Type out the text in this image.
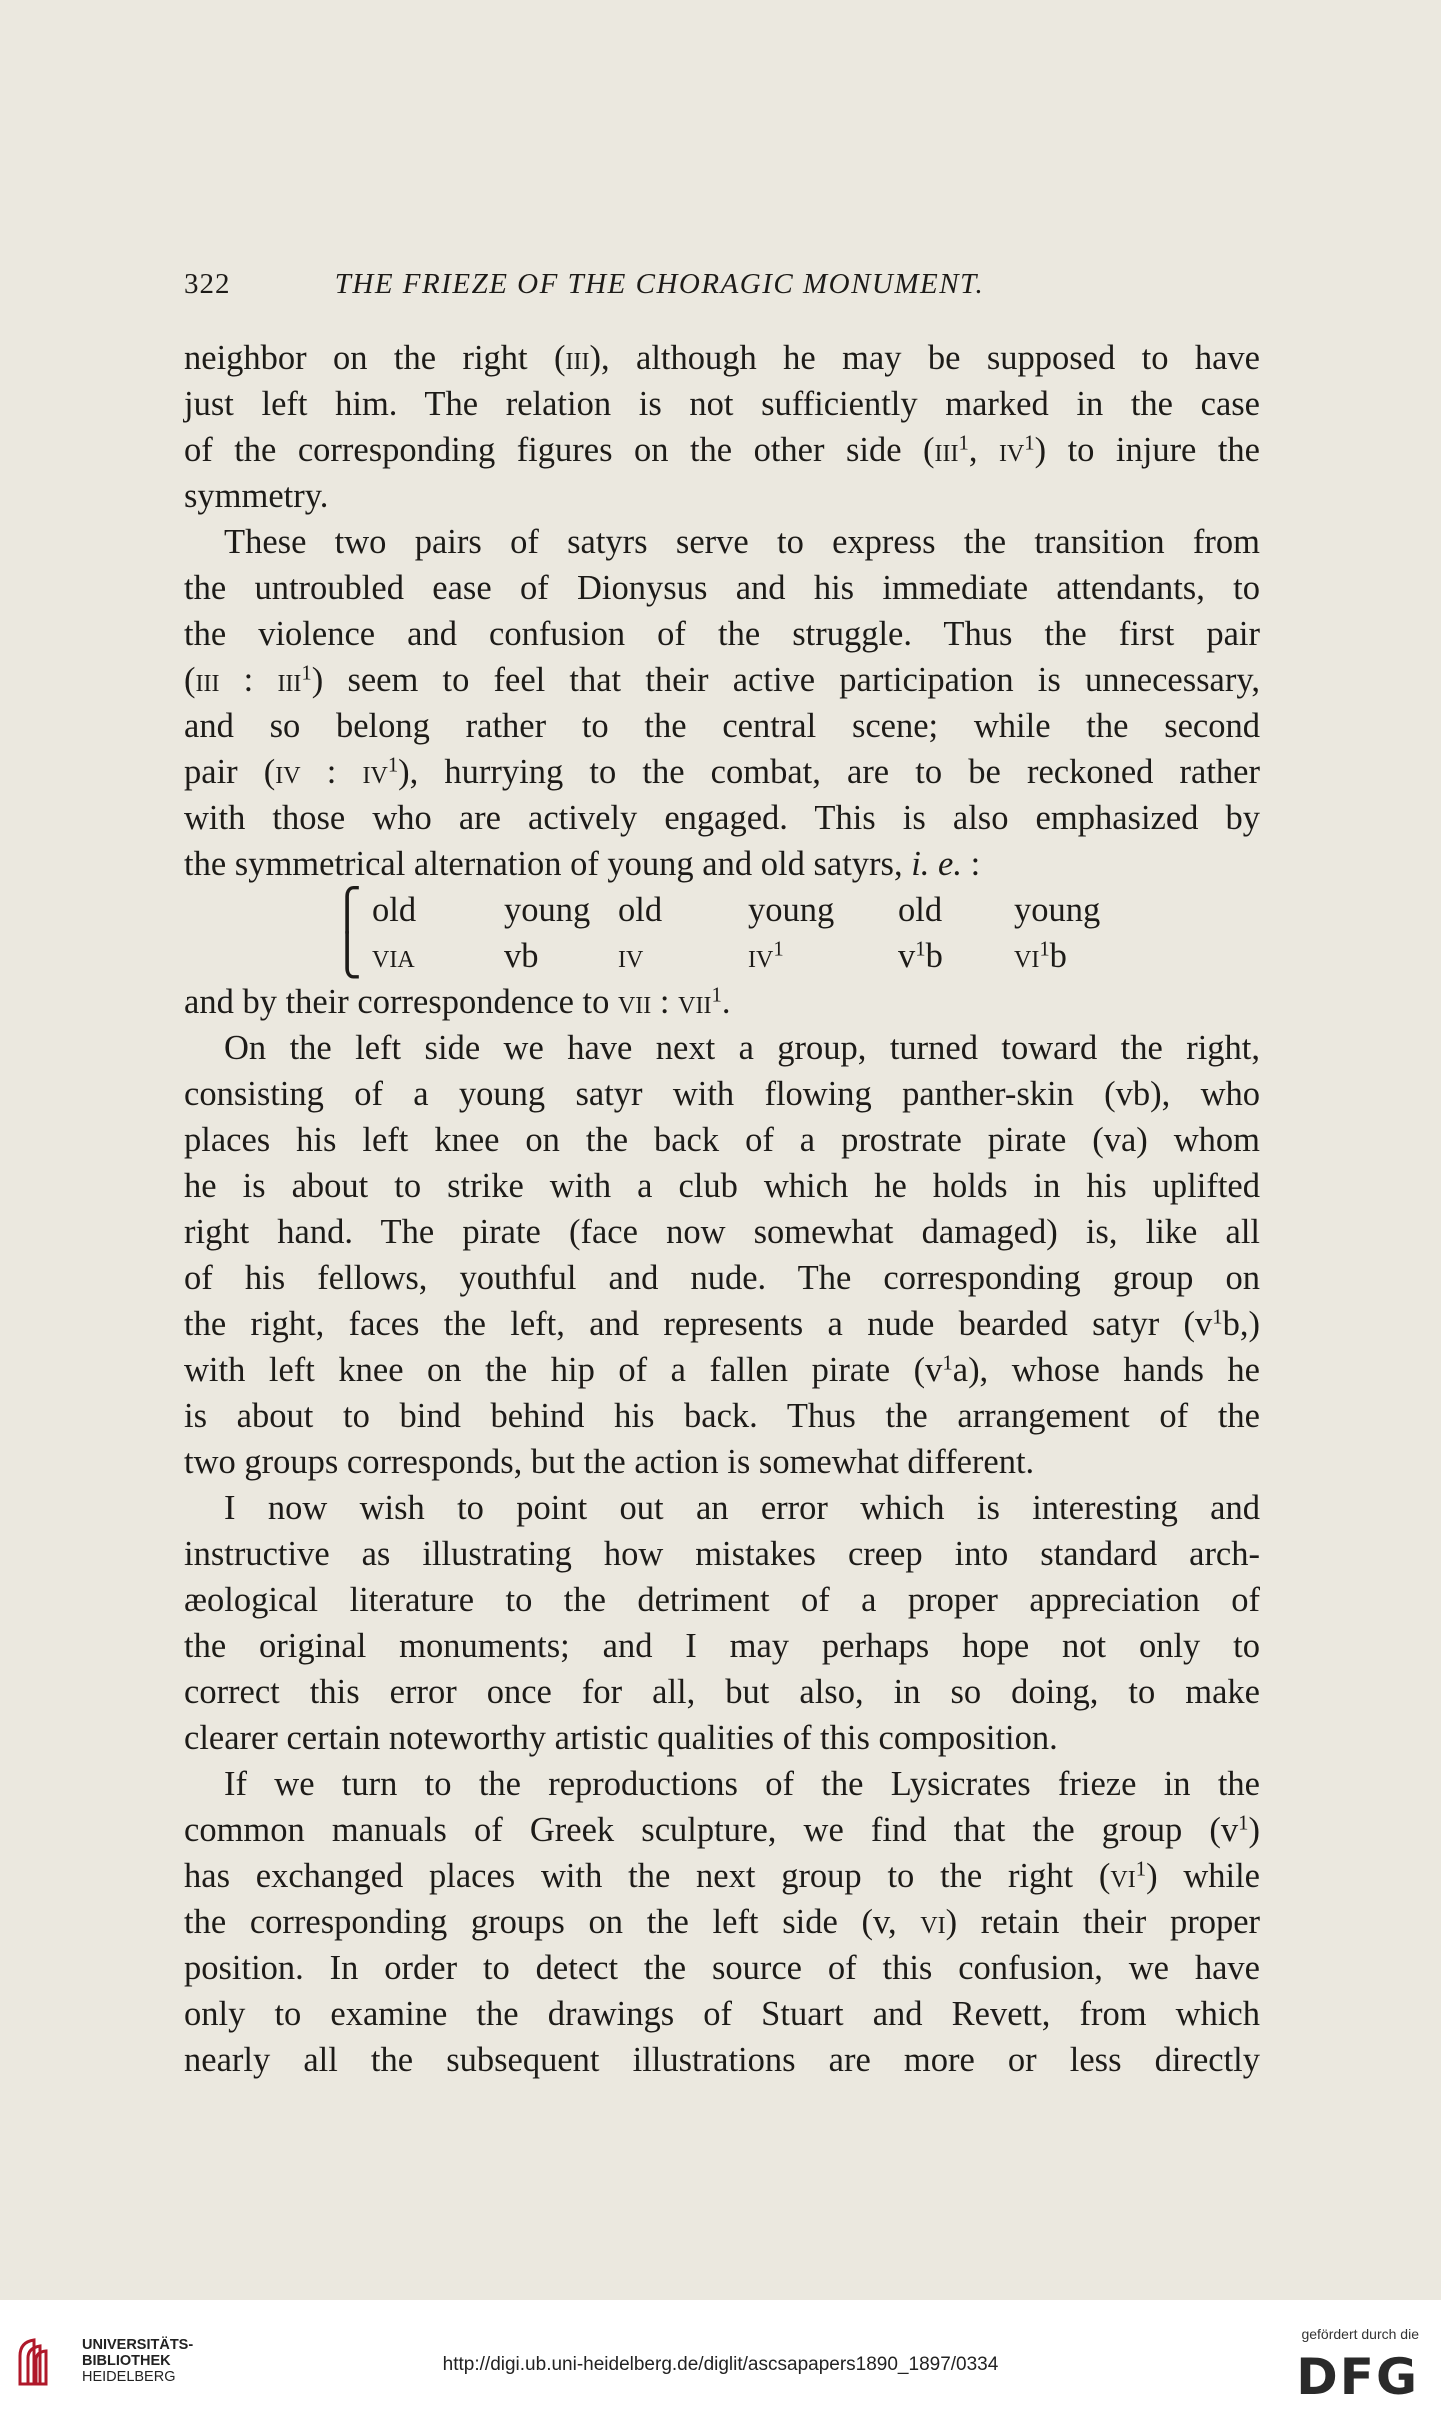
322	THE FRIEZE OF THE CHORAGIC MONUMENT.
neighbor on the right (iii), although he may be supposed to have
just left him. The relation is not sufficiently marked in the case
of the corresponding figures on the other side (iii$^1$, $iv^1$) to injure the
symmetry.
These two pairs of satyrs serve to express the transition from
the untroubled ease of Dionysus and his immediate attendants, to
the violence and confusion of the struggle. Thus the first pair
(iii : iii$^1$) seem to feel that their active participation is unnecessary,
and so belong rather to the central scene; while the second
pair (iv : $iv^1$), hurrying to the combat, are to be reckoned rather
with those who are actively engaged. This is also emphasized by
the symmetrical alternation of young and old satyrs, i. e. :
⎧ old	young old	young	old	young
⎩ via	vb	iv	$iv^1$	$v^1b$	$vi^1b$
and by their correspondence to vii : vii$^1$.
On the left side we have next a group, turned toward the right,
consisting of a young satyr with flowing panther-skin (vb), who
places his left knee on the back of a prostrate pirate (va) whom
he is about to strike with a club which he holds in his uplifted
right hand. The pirate (face now somewhat damaged) is, like all
of his fellows, youthful and nude. The corresponding group on
the right, faces the left, and represents a nude bearded satyr $(v^1b,)$
with left knee on the hip of a fallen pirate $(v^1a)$, whose hands he
is about to bind behind his back. Thus the arrangement of the
two groups corresponds, but the action is somewhat different.
I now wish to point out an error which is interesting and
instructive as illustrating how mistakes creep into standard arch-
æological literature to the detriment of a proper appreciation of
the original monuments; and I may perhaps hope not only to
correct this error once for all, but also, in so doing, to make
clearer certain noteworthy artistic qualities of this composition.
If we turn to the reproductions of the Lysicrates frieze in the
common manuals of Greek sculpture, we find that the group $(v^1)$
has exchanged places with the next group to the right $(vi^1)$ while
the corresponding groups on the left side (v, vi) retain their proper
position. In order to detect the source of this confusion, we have
only to examine the drawings of Stuart and Revett, from which
nearly all the subsequent illustrations are more or less directly
UNIVERSITÄTS-
BIBLIOTHEK
HEIDELBERG
http://digi.ub.uni-heidelberg.de/diglit/ascsapapers1890_1897/0334
gefördert durch die
DFG
